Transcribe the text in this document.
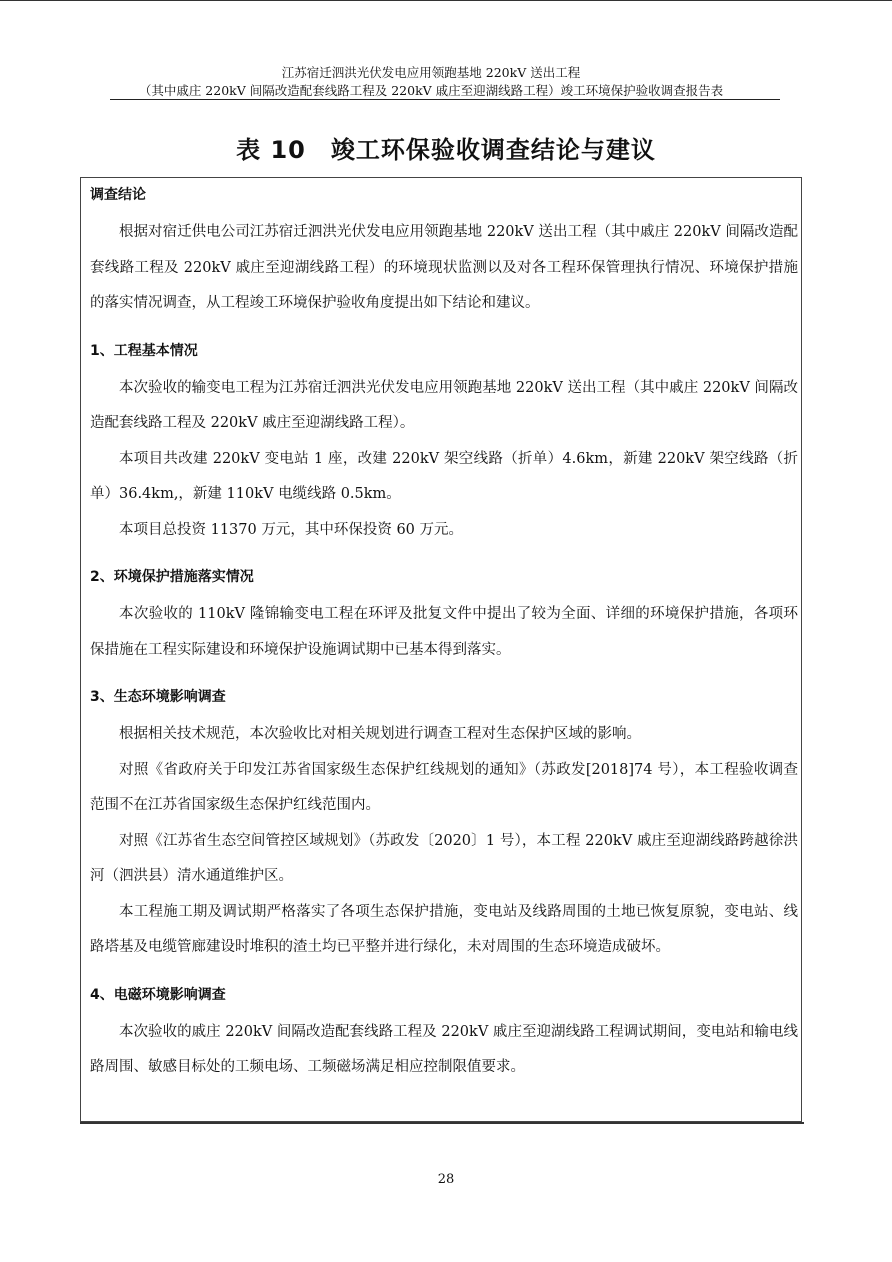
江苏宿迁泗洪光伏发电应用领跑基地 220kV 送出工程
（其中戚庄 220kV 间隔改造配套线路工程及 220kV 戚庄至迎湖线路工程）竣工环境保护验收调查报告表
表 10　竣工环保验收调查结论与建议

调查结论

根据对宿迁供电公司江苏宿迁泗洪光伏发电应用领跑基地 220kV 送出工程（其中戚庄 220kV 间隔改造配套线路工程及 220kV 戚庄至迎湖线路工程）的环境现状监测以及对各工程环保管理执行情况、环境保护措施的落实情况调查，从工程竣工环境保护验收角度提出如下结论和建议。

1、工程基本情况

本次验收的输变电工程为江苏宿迁泗洪光伏发电应用领跑基地 220kV 送出工程（其中戚庄 220kV 间隔改造配套线路工程及 220kV 戚庄至迎湖线路工程）。

本项目共改建 220kV 变电站 1 座，改建 220kV 架空线路（折单）4.6km，新建 220kV 架空线路（折单）36.4km,，新建 110kV 电缆线路 0.5km。

本项目总投资 11370 万元，其中环保投资 60 万元。

2、环境保护措施落实情况

本次验收的 110kV 隆锦输变电工程在环评及批复文件中提出了较为全面、详细的环境保护措施，各项环保措施在工程实际建设和环境保护设施调试期中已基本得到落实。

3、生态环境影响调查

根据相关技术规范，本次验收比对相关规划进行调查工程对生态保护区域的影响。

对照《省政府关于印发江苏省国家级生态保护红线规划的通知》（苏政发[2018]74 号），本工程验收调查范围不在江苏省国家级生态保护红线范围内。

对照《江苏省生态空间管控区域规划》（苏政发〔2020〕1 号），本工程 220kV 戚庄至迎湖线路跨越徐洪河（泗洪县）清水通道维护区。

本工程施工期及调试期严格落实了各项生态保护措施，变电站及线路周围的土地已恢复原貌，变电站、线路塔基及电缆管廊建设时堆积的渣土均已平整并进行绿化，未对周围的生态环境造成破坏。

4、电磁环境影响调查

本次验收的戚庄 220kV 间隔改造配套线路工程及 220kV 戚庄至迎湖线路工程调试期间，变电站和输电线路周围、敏感目标处的工频电场、工频磁场满足相应控制限值要求。

28
